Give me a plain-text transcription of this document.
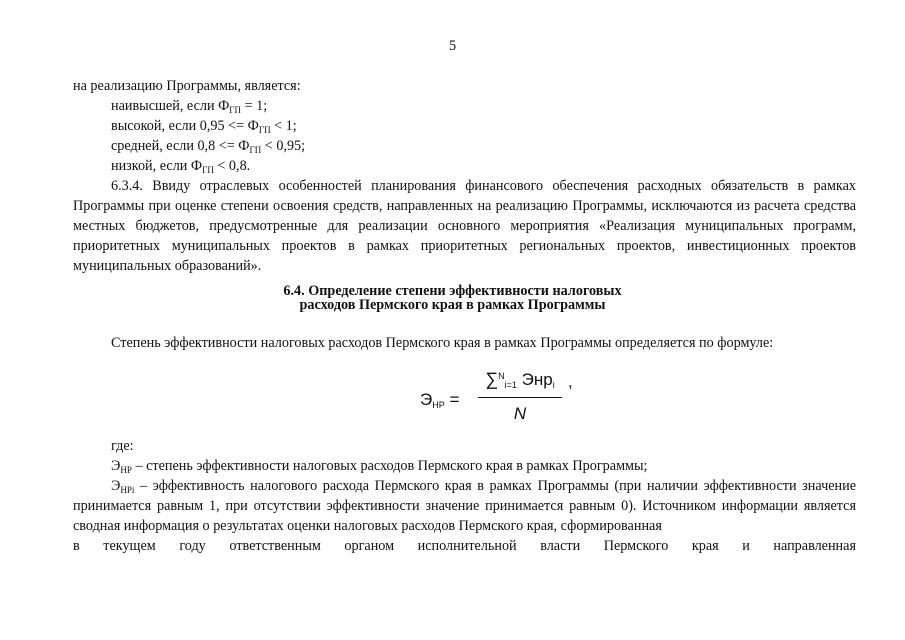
5
на реализацию Программы, является:
наивысшей, если $Ф_{ГП} = 1$;
высокой, если $0,95 <= Ф_{ГП} < 1$;
средней, если $0,8 <= Ф_{ГП} < 0,95$;
низкой, если $Ф_{ГП} < 0,8$.
6.3.4. Ввиду отраслевых особенностей планирования финансового обеспечения расходных обязательств в рамках Программы при оценке степени освоения средств, направленных на реализацию Программы, исключаются из расчета средства местных бюджетов, предусмотренные для реализации основного мероприятия «Реализация муниципальных программ, приоритетных муниципальных проектов в рамках приоритетных региональных проектов, инвестиционных проектов муниципальных образований».
6.4. Определение степени эффективности налоговых
расходов Пермского края в рамках Программы
Степень эффективности налоговых расходов Пермского края в рамках Программы определяется по формуле:
$Э_{НР}$ =
∑$^N_{i=1}$ Энр$_i$
N
,
где:
$Э_{НР}$ – степень эффективности налоговых расходов Пермского края в рамках Программы;
$Э_{НРi}$ – эффективность налогового расхода Пермского края в рамках Программы (при наличии эффективности значение принимается равным 1, при отсутствии эффективности значение принимается равным 0). Источником информации является сводная информация о результатах оценки налоговых расходов Пермского края, сформированная
в текущем году ответственным органом исполнительной власти Пермского края и направленная
